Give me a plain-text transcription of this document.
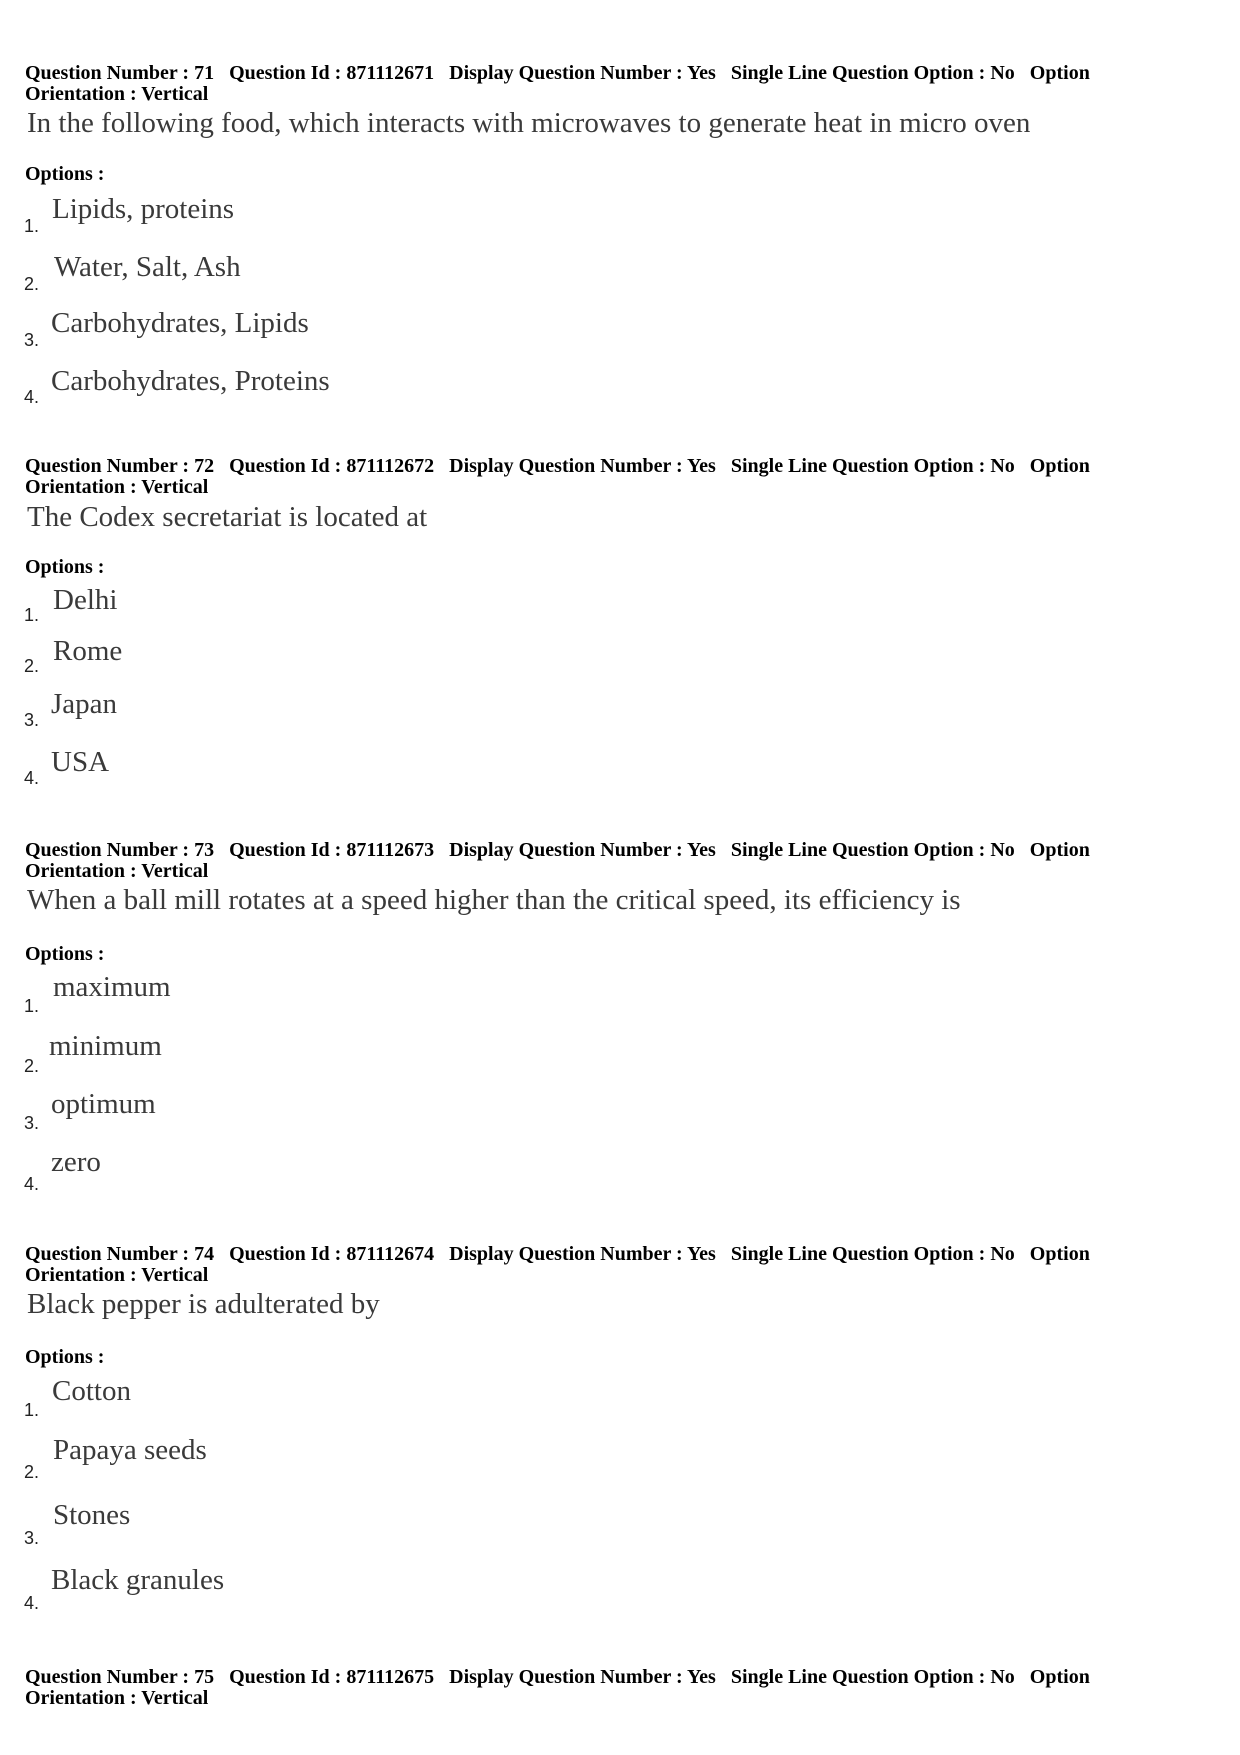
Question Number : 71 Question Id : 871112671 Display Question Number : Yes Single Line Question Option : No Option
Orientation : Vertical
In the following food, which interacts with microwaves to generate heat in micro oven
Options :
1.
Lipids, proteins
2.
Water, Salt, Ash
3.
Carbohydrates, Lipids
4. Carbohydrates, Proteins
Question Number : 72 Question Id : 871112672 Display Question Number : Yes Single Line Question Option : No Option
Orientation : Vertical
The Codex secretariat is located at
Options :
1. Delhi
2. Rome
3. Japan
4. USA
Question Number : 73 Question Id : 871112673 Display Question Number : Yes Single Line Question Option : No Option
Orientation : Vertical
When a ball mill rotates at a speed higher than the critical speed, its efficiency is
Options :
1.
maximum
2.
minimum
3.
optimum
4.
zero
Question Number : 74 Question Id : 871112674 Display Question Number : Yes Single Line Question Option : No Option
Orientation : Vertical
Black pepper is adulterated by
Options :
1.
Cotton
2.
Papaya seeds
3.
Stones
4.
Black granules
Question Number : 75 Question Id : 871112675 Display Question Number : Yes Single Line Question Option : No Option
Orientation : Vertical
